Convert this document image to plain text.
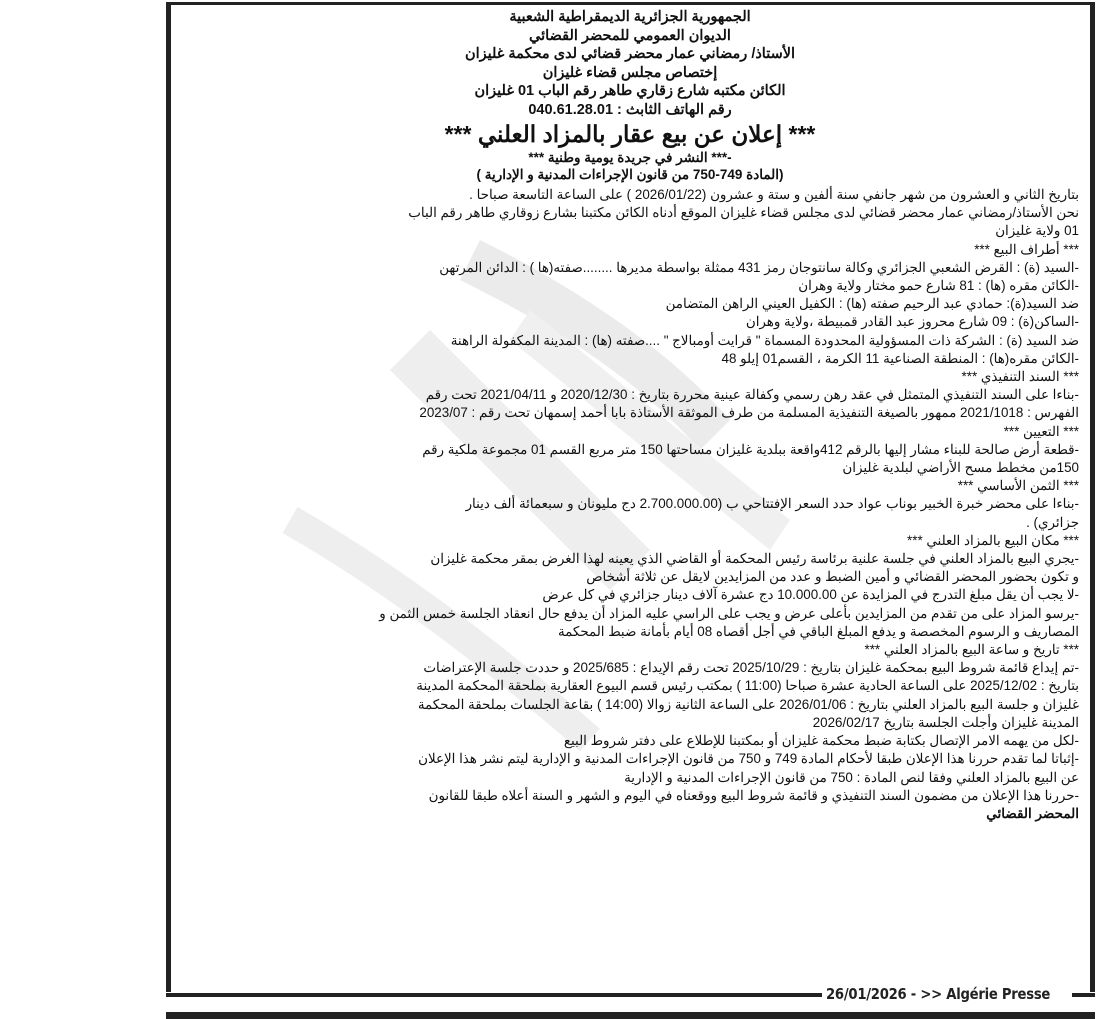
الجمهورية الجزائرية الديمقراطية الشعبية
الديوان العمومي للمحضر القضائي
الأستاذ/ رمضاني عمار محضر قضائي لدى محكمة غليزان
إختصاص مجلس قضاء غليزان
الكائن مكتبه شارع زقاري طاهر رقم الباب 01 غليزان
رقم الهاتف الثابث : 040.61.28.01
*** إعلان عن بيع عقار بالمزاد العلني ***
-*** النشر في جريدة يومية وطنية ***
(المادة 749-750 من قانون الإجراءات المدنية و الإدارية )
بتاريخ الثاني و العشرون من شهر جانفي سنة ألفين و ستة و عشرون (2026/01/22 ) على الساعة التاسعة صباحا .
نحن الأستاذ/رمضاني عمار محضر قضائي لدى مجلس قضاء غليزان الموقع أدناه الكائن مكتبنا بشارع زوقاري طاهر رقم الباب
01 ولاية غليزان
*** أطراف البيع ***
-السيد (ة) : القرض الشعبي الجزائري وكالة سانتوجان رمز 431 ممثلة بواسطة مديرها ........صفته(ها ) : الدائن المرتهن
-الكائن مقره (ها) : 81 شارع حمو مختار ولاية وهران
ضد السيد(ة): حمادي عبد الرحيم صفته (ها) : الكفيل العيني الراهن المتضامن
-الساكن(ة) : 09 شارع محروز عبد القادر قمبيطة ،ولاية وهران
ضد السيد (ة) : الشركة ذات المسؤولية المحدودة المسماة " قرايت أومبالاج " ....صفته (ها) : المدينة المكفولة الراهنة
-الكائن مقره(ها) : المنطقة الصناعية 11 الكرمة ، القسم01 إيلو 48
*** السند التنفيذي ***
-بناءا على السند التنفيذي المتمثل في عقد رهن رسمي وكفالة عينية محررة بتاريخ : 2020/12/30 و 2021/04/11 تحت رقم
الفهرس : 2021/1018 ممهور بالصيغة التنفيذية المسلمة من طرف الموثقة الأستاذة بابا أحمد إسمهان تحت رقم : 2023/07
*** التعيين ***
-قطعة أرض صالحة للبناء مشار إليها بالرقم 412واقعة ببلدية غليزان مساحتها 150 متر مربع القسم 01 مجموعة ملكية رقم
150من مخطط مسح الأراضي لبلدية غليزان
*** الثمن الأساسي ***
-بناءا على محضر خبرة الخبير بوناب عواد حدد السعر الإفتتاحي ب (2.700.000.00 دج مليونان و سبعمائة ألف دينار
جزائري) .
*** مكان البيع بالمزاد العلني ***
-يجري البيع بالمزاد العلني في جلسة علنية برئاسة رئيس المحكمة أو القاضي الذي يعينه لهذا الغرض بمقر محكمة غليزان
و تكون بحضور المحضر القضائي و أمين الضبط و عدد من المزايدين لايقل عن ثلاثة أشخاص
-لا يجب أن يقل مبلغ التدرج في المزايدة عن 10.000.00 دج عشرة آلاف دينار جزائري في كل عرض
-يرسو المزاد على من تقدم من المزايدين بأعلى عرض و يجب على الراسي عليه المزاد أن يدفع حال انعقاد الجلسة خمس الثمن و
المصاريف و الرسوم المخصصة و يدفع المبلغ الباقي في أجل أقصاه 08 أيام بأمانة ضبط المحكمة
*** تاريخ و ساعة البيع بالمزاد العلني ***
-تم إيداع قائمة شروط البيع بمحكمة غليزان بتاريخ : 2025/10/29 تحت رقم الإيداع : 2025/685 و حددت جلسة الإعتراضات
بتاريخ : 2025/12/02 على الساعة الحادية عشرة صباحا (11:00 ) بمكتب رئيس قسم البيوع العقارية بملحقة المحكمة المدينة
غليزان و جلسة البيع بالمزاد العلني بتاريخ : 2026/01/06 على الساعة الثانية زوالا (14:00 ) بقاعة الجلسات بملحقة المحكمة
المدينة غليزان وأجلت الجلسة بتاريخ 2026/02/17
-لكل من يهمه الامر الإتصال بكتابة ضبط محكمة غليزان أو بمكتبنا للإطلاع على دفتر شروط البيع
-إثباتا لما تقدم حررنا هذا الإعلان طبقا لأحكام المادة 749 و 750 من قانون الإجراءات المدنية و الإدارية ليتم نشر هذا الإعلان
عن البيع بالمزاد العلني وفقا لنص المادة : 750 من قانون الإجراءات المدنية و الإدارية
-حررنا هذا الإعلان من مضمون السند التنفيذي و قائمة شروط البيع ووقعناه في اليوم و الشهر و السنة أعلاه طبقا للقانون
المحضر القضائي
26/01/2026 - >> Algérie Presse
